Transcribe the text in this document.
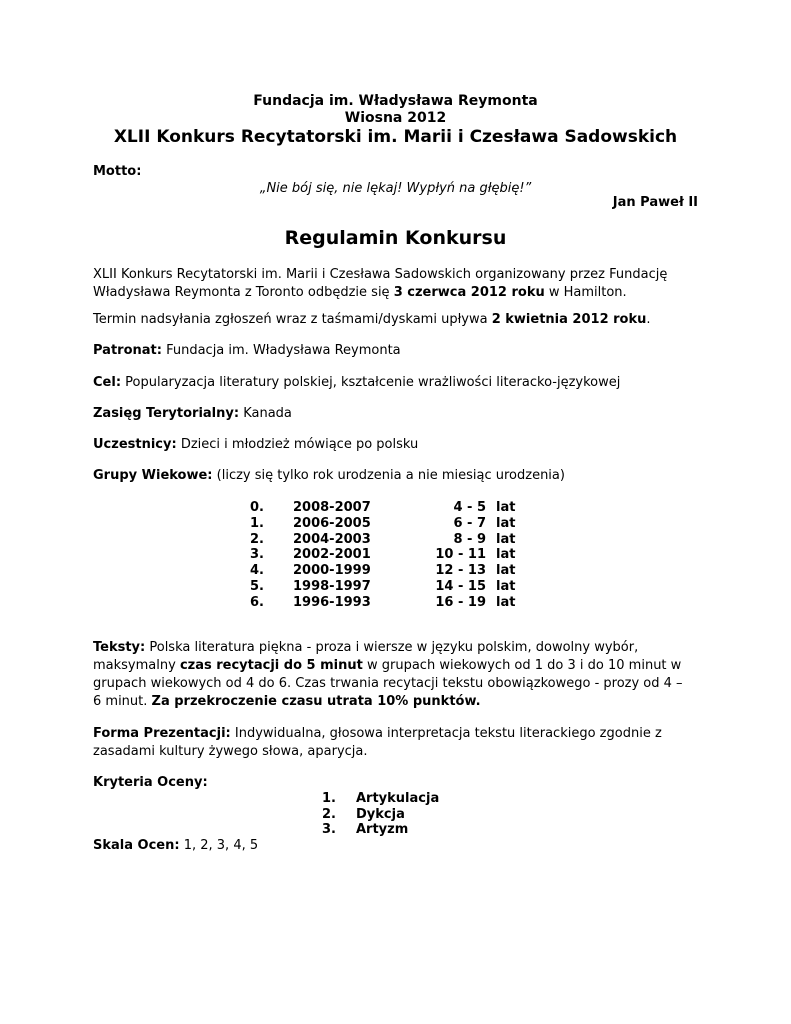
Fundacja im. Władysława Reymonta
Wiosna 2012
XLII Konkurs Recytatorski im. Marii i Czesława Sadowskich
Motto:
„Nie bój się, nie lękaj! Wypłyń na głębię!”
Jan Paweł II
Regulamin Konkursu
XLII Konkurs Recytatorski im. Marii i Czesława Sadowskich organizowany przez Fundację
Władysława Reymonta z Toronto odbędzie się 3 czerwca 2012 roku w Hamilton.
Termin nadsyłania zgłoszeń wraz z taśmami/dyskami upływa 2 kwietnia 2012 roku.
Patronat: Fundacja im. Władysława Reymonta
Cel: Popularyzacja literatury polskiej, kształcenie wrażliwości literacko-językowej
Zasięg Terytorialny: Kanada
Uczestnicy: Dzieci i młodzież mówiące po polsku
Grupy Wiekowe: (liczy się tylko rok urodzenia a nie miesiąc urodzenia)
0.	2008-2007	4 - 5	lat
1.	2006-2005	6 - 7	lat
2.	2004-2003	8 - 9	lat
3.	2002-2001	10 - 11	lat
4.	2000-1999	12 - 13	lat
5.	1998-1997	14 - 15	lat
6.	1996-1993	16 - 19	lat
Teksty: Polska literatura piękna - proza i wiersze w języku polskim, dowolny wybór,
maksymalny czas recytacji do 5 minut w grupach wiekowych od 1 do 3 i do 10 minut w
grupach wiekowych od 4 do 6. Czas trwania recytacji tekstu obowiązkowego - prozy od 4 –
6 minut. Za przekroczenie czasu utrata 10% punktów.
Forma Prezentacji: Indywidualna, głosowa interpretacja tekstu literackiego zgodnie z
zasadami kultury żywego słowa, aparycja.
Kryteria Oceny:
1.	Artykulacja
2.	Dykcja
3.	Artyzm
Skala Ocen: 1, 2, 3, 4, 5
